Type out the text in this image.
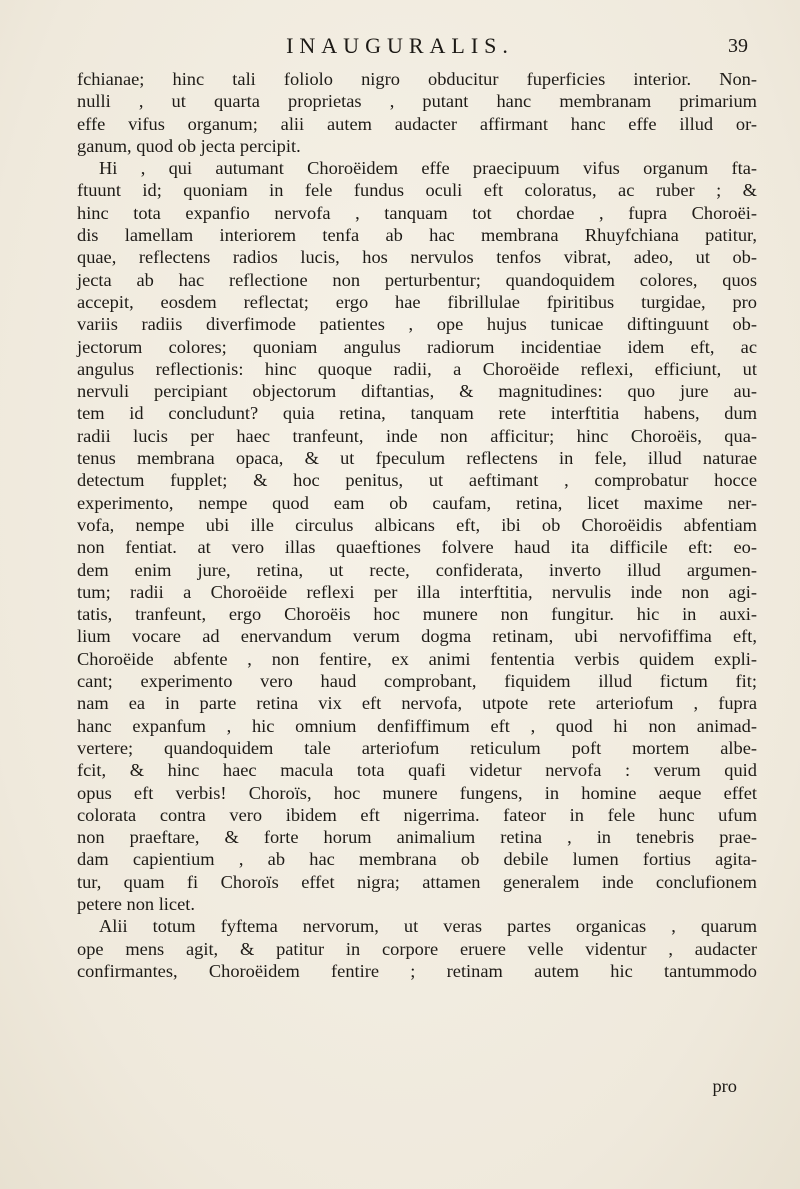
INAUGURALIS.	39
fchianae; hinc tali foliolo nigro obducitur fuperficies interior. Non-
nulli , ut quarta proprietas , putant hanc membranam primarium
effe vifus organum; alii autem audacter affirmant hanc effe illud or-
ganum, quod ob jecta percipit.
Hi , qui autumant Choroëidem effe praecipuum vifus organum fta-
ftuunt id; quoniam in fele fundus oculi eft coloratus, ac ruber ; &
hinc tota expanfio nervofa , tanquam tot chordae , fupra Choroëi-
dis lamellam interiorem tenfa ab hac membrana Rhuyfchiana patitur,
quae, reflectens radios lucis, hos nervulos tenfos vibrat, adeo, ut ob-
jecta ab hac reflectione non perturbentur; quandoquidem colores, quos
accepit, eosdem reflectat; ergo hae fibrillulae fpiritibus turgidae, pro
variis radiis diverfimode patientes , ope hujus tunicae diftinguunt ob-
jectorum colores; quoniam angulus radiorum incidentiae idem eft, ac
angulus reflectionis: hinc quoque radii, a Choroëide reflexi, efficiunt, ut
nervuli percipiant objectorum diftantias, & magnitudines: quo jure au-
tem id concludunt? quia retina, tanquam rete interftitia habens, dum
radii lucis per haec tranfeunt, inde non afficitur; hinc Choroëis, qua-
tenus membrana opaca, & ut fpeculum reflectens in fele, illud naturae
detectum fupplet; & hoc penitus, ut aeftimant , comprobatur hocce
experimento, nempe quod eam ob caufam, retina, licet maxime ner-
vofa, nempe ubi ille circulus albicans eft, ibi ob Choroëidis abfentiam
non fentiat. at vero illas quaeftiones folvere haud ita difficile eft: eo-
dem enim jure, retina, ut recte, confiderata, inverto illud argumen-
tum; radii a Choroëide reflexi per illa interftitia, nervulis inde non agi-
tatis, tranfeunt, ergo Choroëis hoc munere non fungitur. hic in auxi-
lium vocare ad enervandum verum dogma retinam, ubi nervofiffima eft,
Choroëide abfente , non fentire, ex animi fententia verbis quidem expli-
cant; experimento vero haud comprobant, fiquidem illud fictum fit;
nam ea in parte retina vix eft nervofa, utpote rete arteriofum , fupra
hanc expanfum , hic omnium denfiffimum eft , quod hi non animad-
vertere; quandoquidem tale arteriofum reticulum poft mortem albe-
fcit, & hinc haec macula tota quafi videtur nervofa : verum quid
opus eft verbis! Choroïs, hoc munere fungens, in homine aeque effet
colorata contra vero ibidem eft nigerrima. fateor in fele hunc ufum
non praeftare, & forte horum animalium retina , in tenebris prae-
dam capientium , ab hac membrana ob debile lumen fortius agita-
tur, quam fi Choroïs effet nigra; attamen generalem inde conclufionem
petere non licet.
Alii totum fyftema nervorum, ut veras partes organicas , quarum
ope mens agit, & patitur in corpore eruere velle videntur , audacter
confirmantes, Choroëidem fentire ; retinam autem hic tantummodo
pro
